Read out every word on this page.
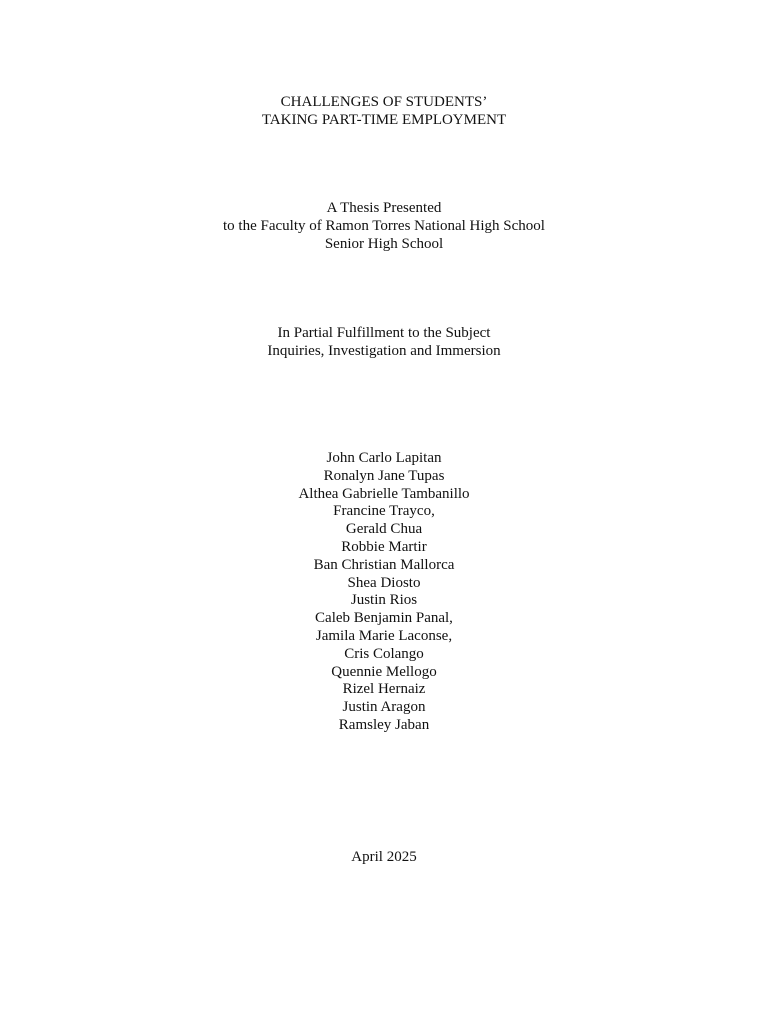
CHALLENGES OF STUDENTS’
TAKING PART-TIME EMPLOYMENT
A Thesis Presented
to the Faculty of Ramon Torres National High School
Senior High School
In Partial Fulfillment to the Subject
Inquiries, Investigation and Immersion
John Carlo Lapitan
Ronalyn Jane Tupas
Althea Gabrielle Tambanillo
Francine Trayco,
Gerald Chua
Robbie Martir
Ban Christian Mallorca
Shea Diosto
Justin Rios
Caleb Benjamin Panal,
Jamila Marie Laconse,
Cris Colango
Quennie Mellogo
Rizel Hernaiz
Justin Aragon
Ramsley Jaban
April 2025
